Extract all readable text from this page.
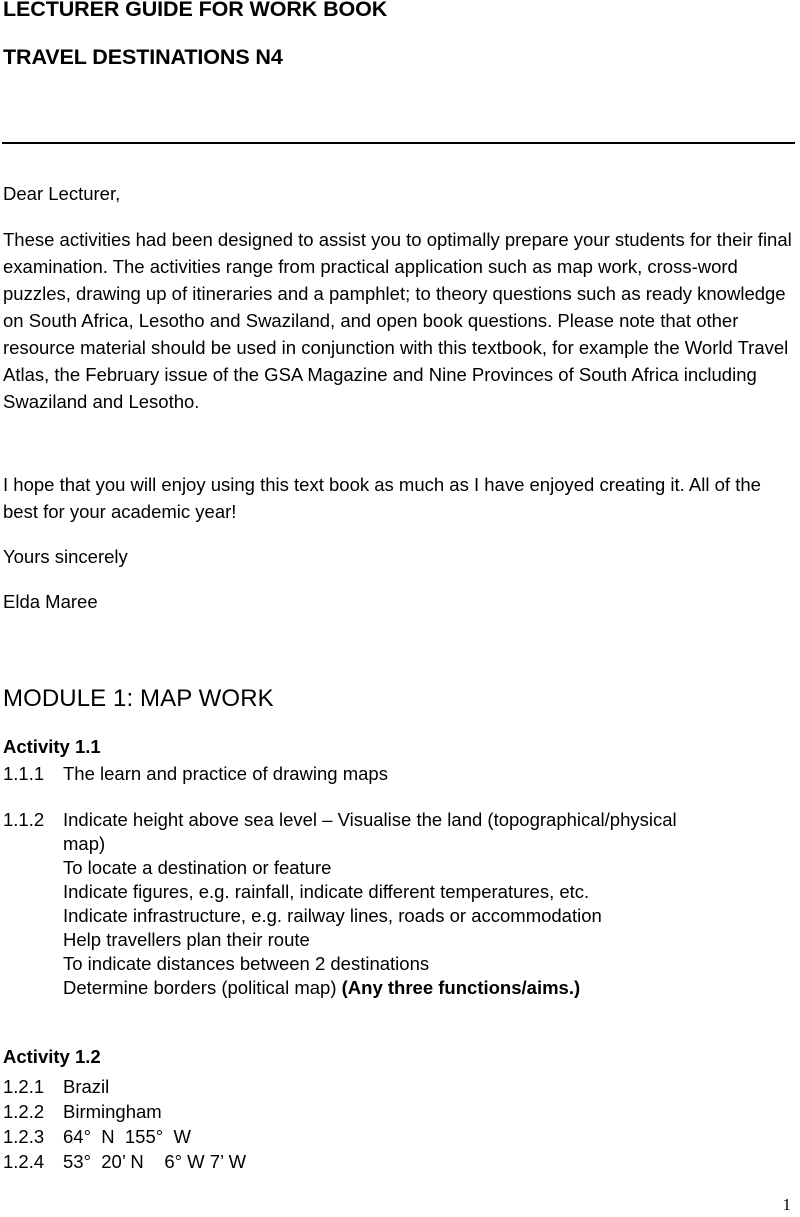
LECTURER GUIDE FOR WORK BOOK
TRAVEL DESTINATIONS N4

Dear Lecturer,

These activities had been designed to assist you to optimally prepare your students for their final examination. The activities range from practical application such as map work, cross-word puzzles, drawing up of itineraries and a pamphlet; to theory questions such as ready knowledge on South Africa, Lesotho and Swaziland, and open book questions. Please note that other resource material should be used in conjunction with this textbook, for example the World Travel Atlas, the February issue of the GSA Magazine and Nine Provinces of South Africa including Swaziland and Lesotho.

I hope that you will enjoy using this text book as much as I have enjoyed creating it. All of the best for your academic year!

Yours sincerely

Elda Maree

MODULE 1: MAP WORK
Activity 1.1
1.1.1	The learn and practice of drawing maps
1.1.2	Indicate height above sea level – Visualise the land (topographical/physical
map)
To locate a destination or feature
Indicate figures, e.g. rainfall, indicate different temperatures, etc.
Indicate infrastructure, e.g. railway lines, roads or accommodation
Help travellers plan their route
To indicate distances between 2 destinations
Determine borders (political map) (Any three functions/aims.)
Activity 1.2
1.2.1	Brazil
1.2.2	Birmingham
1.2.3	64°  N  155°  W
1.2.4	53°  20’ N    6° W 7’ W
1
